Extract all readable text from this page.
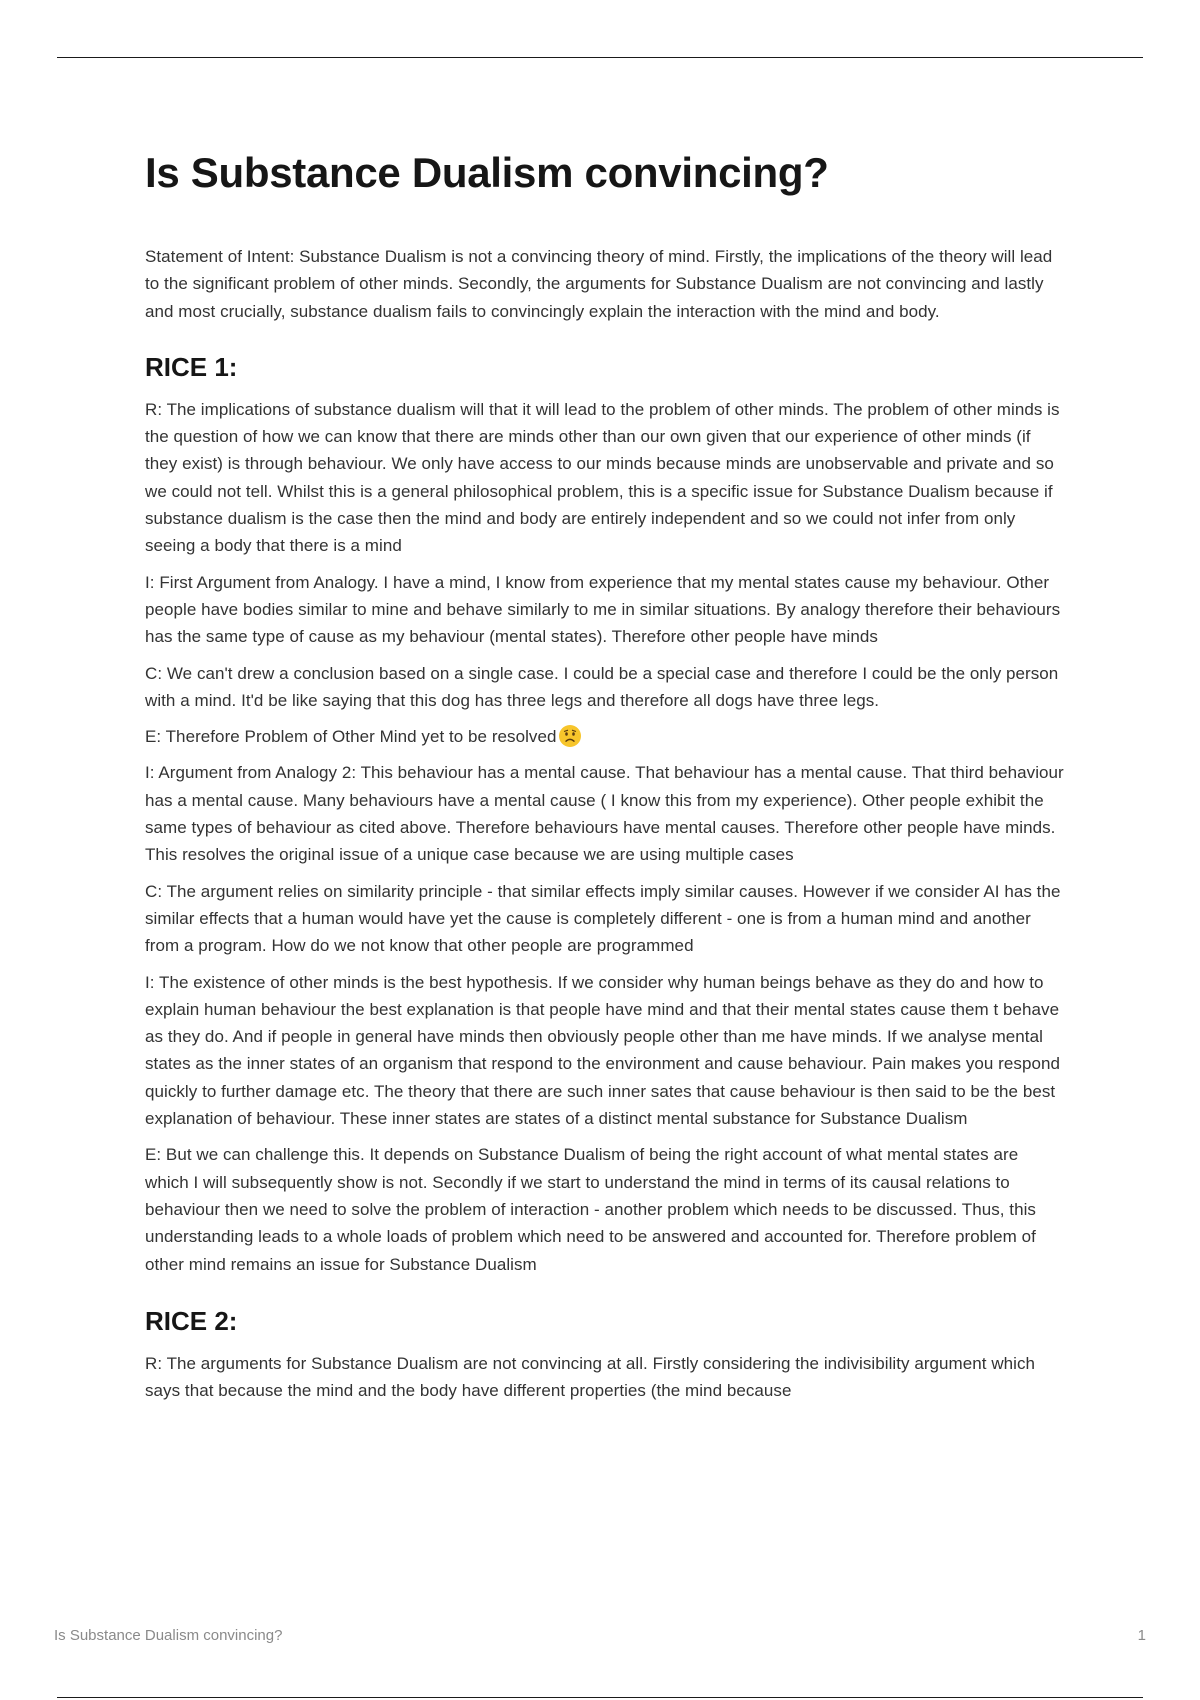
Is Substance Dualism convincing?

Statement of Intent: Substance Dualism is not a convincing theory of mind. Firstly, the implications of the theory will lead to the significant problem of other minds. Secondly, the arguments for Substance Dualism are not convincing and lastly and most crucially, substance dualism fails to convincingly explain the interaction with the mind and body.

RICE 1:

R: The implications of substance dualism will that it will lead to the problem of other minds. The problem of other minds is the question of how we can know that there are minds other than our own given that our experience of other minds (if they exist) is through behaviour. We only have access to our minds because minds are unobservable and private and so we could not tell. Whilst this is a general philosophical problem, this is a specific issue for Substance Dualism because if substance dualism is the case then the mind and body are entirely independent and so we could not infer from only seeing a body that there is a mind

I: First Argument from Analogy. I have a mind, I know from experience that my mental states cause my behaviour. Other people have bodies similar to mine and behave similarly to me in similar situations. By analogy therefore their behaviours has the same type of cause as my behaviour (mental states). Therefore other people have minds

C: We can't drew a conclusion based on a single case. I could be a special case and therefore I could be the only person with a mind. It'd be like saying that this dog has three legs and therefore all dogs have three legs.

E: Therefore Problem of Other Mind yet to be resolved

I: Argument from Analogy 2: This behaviour has a mental cause. That behaviour has a mental cause. That third behaviour has a mental cause. Many behaviours have a mental cause ( I know this from my experience). Other people exhibit the same types of behaviour as cited above. Therefore behaviours have mental causes. Therefore other people have minds. This resolves the original issue of a unique case because we are using multiple cases

C: The argument relies on similarity principle - that similar effects imply similar causes. However if we consider AI has the similar effects that a human would have yet the cause is completely different - one is from a human mind and another from a program. How do we not know that other people are programmed

I: The existence of other minds is the best hypothesis. If we consider why human beings behave as they do and how to explain human behaviour the best explanation is that people have mind and that their mental states cause them t behave as they do. And if people in general have minds then obviously people other than me have minds. If we analyse mental states as the inner states of an organism that respond to the environment and cause behaviour. Pain makes you respond quickly to further damage etc. The theory that there are such inner sates that cause behaviour is then said to be the best explanation of behaviour. These inner states are states of a distinct mental substance for Substance Dualism

E: But we can challenge this. It depends on Substance Dualism of being the right account of what mental states are which I will subsequently show is not. Secondly if we start to understand the mind in terms of its causal relations to behaviour then we need to solve the problem of interaction - another problem which needs to be discussed. Thus, this understanding leads to a whole loads of problem which need to be answered and accounted for. Therefore problem of other mind remains an issue for Substance Dualism

RICE 2:

R: The arguments for Substance Dualism are not convincing at all. Firstly considering the indivisibility argument which says that because the mind and the body have different properties (the mind because

Is Substance Dualism convincing?	1
